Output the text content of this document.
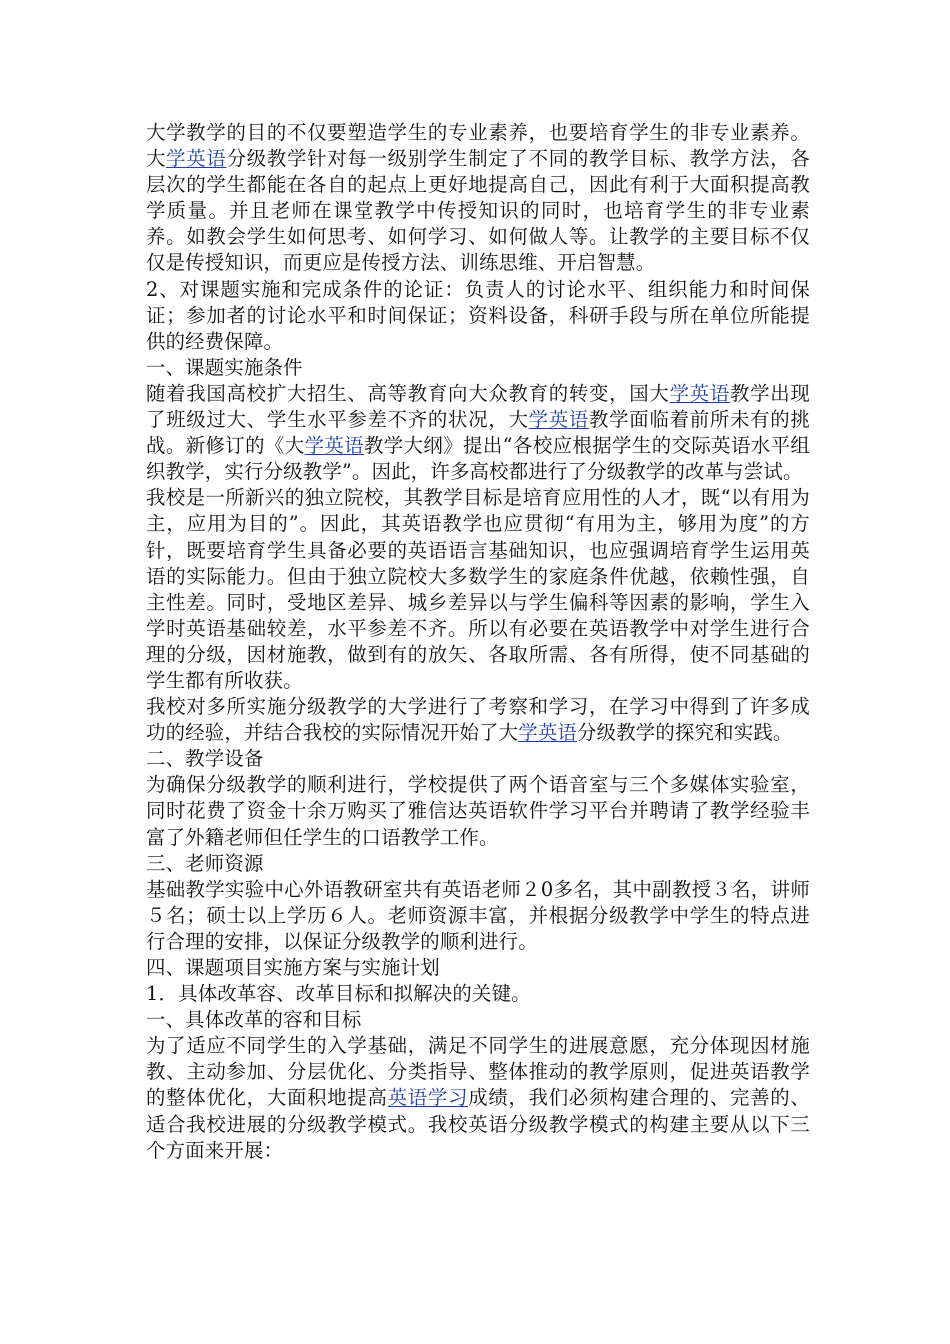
大学教学的目的不仅要塑造学生的专业素养，也要培育学生的非专业素养。大学英语分级教学针对每一级别学生制定了不同的教学目标、教学方法，各层次的学生都能在各自的起点上更好地提高自己，因此有利于大面积提高教学质量。并且老师在课堂教学中传授知识的同时，也培育学生的非专业素养。如教会学生如何思考、如何学习、如何做人等。让教学的主要目标不仅仅是传授知识，而更应是传授方法、训练思维、开启智慧。

2、对课题实施和完成条件的论证：负责人的讨论水平、组织能力和时间保证；参加者的讨论水平和时间保证；资料设备，科研手段与所在单位所能提供的经费保障。

一、课题实施条件

随着我国高校扩大招生、高等教育向大众教育的转变，国大学英语教学出现了班级过大、学生水平参差不齐的状况，大学英语教学面临着前所未有的挑战。新修订的《大学英语教学大纲》提出“各校应根据学生的交际英语水平组织教学，实行分级教学”。因此，许多高校都进行了分级教学的改革与尝试。

我校是一所新兴的独立院校，其教学目标是培育应用性的人才，既“以有用为主，应用为目的”。因此，其英语教学也应贯彻“有用为主，够用为度”的方针，既要培育学生具备必要的英语语言基础知识，也应强调培育学生运用英语的实际能力。但由于独立院校大多数学生的家庭条件优越，依赖性强，自主性差。同时，受地区差异、城乡差异以与学生偏科等因素的影响，学生入学时英语基础较差，水平参差不齐。所以有必要在英语教学中对学生进行合理的分级，因材施教，做到有的放矢、各取所需、各有所得，使不同基础的学生都有所收获。

我校对多所实施分级教学的大学进行了考察和学习，在学习中得到了许多成功的经验，并结合我校的实际情况开始了大学英语分级教学的探究和实践。

二、教学设备

为确保分级教学的顺利进行，学校提供了两个语音室与三个多媒体实验室，同时花费了资金十余万购买了雅信达英语软件学习平台并聘请了教学经验丰富了外籍老师但任学生的口语教学工作。

三、老师资源

基础教学实验中心外语教研室共有英语老师２0多名，其中副教授３名，讲师５名；硕士以上学历６人。老师资源丰富，并根据分级教学中学生的特点进行合理的安排，以保证分级教学的顺利进行。

四、课题项目实施方案与实施计划

1．具体改革容、改革目标和拟解决的关键。

一、具体改革的容和目标

为了适应不同学生的入学基础，满足不同学生的进展意愿，充分体现因材施教、主动参加、分层优化、分类指导、整体推动的教学原则，促进英语教学的整体优化，大面积地提高英语学习成绩，我们必须构建合理的、完善的、适合我校进展的分级教学模式。我校英语分级教学模式的构建主要从以下三个方面来开展：
